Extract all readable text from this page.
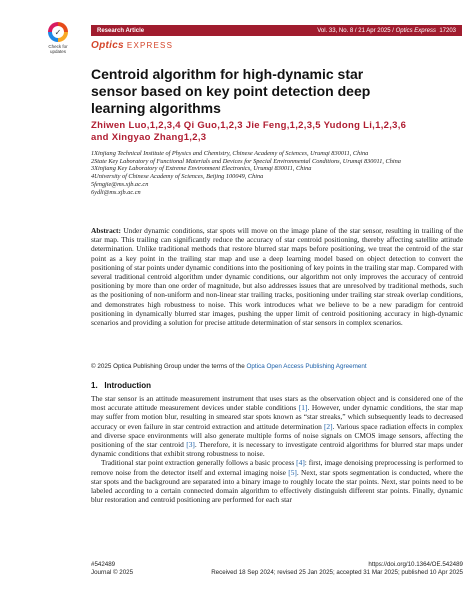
✓
Check for
updates
Research Article	Vol. 33, No. 8 / 21 Apr 2025 / Optics Express 17203
Optics EXPRESS
Centroid algorithm for high-dynamic star sensor based on key point detection deep learning algorithms
Zhiwen Luo,1,2,3,4 Qi Guo,1,2,3 Jie Feng,1,2,3,5 Yudong Li,1,2,3,6
and Xingyao Zhang1,2,3
1Xinjiang Technical Institute of Physics and Chemistry, Chinese Academy of Sciences, Urumqi 830011, China
2State Key Laboratory of Functional Materials and Devices for Special Environmental Conditions, Urumqi 830011, China
3Xinjiang Key Laboratory of Extreme Environment Electronics, Urumqi 830011, China
4University of Chinese Academy of Sciences, Beijing 100049, China
5fengjie@ms.xjb.ac.cn
6ydli@ms.xjb.ac.cn
Abstract: Under dynamic conditions, star spots will move on the image plane of the star sensor, resulting in trailing of the star map. This trailing can significantly reduce the accuracy of star centroid positioning, thereby affecting satellite attitude determination. Unlike traditional methods that restore blurred star maps before positioning, we treat the centroid of the star point as a key point in the trailing star map and use a deep learning model based on object detection to convert the positioning of star points under dynamic conditions into the positioning of key points in the trailing star map. Compared with several traditional centroid algorithm under dynamic conditions, our algorithm not only improves the accuracy of centroid positioning by more than one order of magnitude, but also addresses issues that are unresolved by traditional methods, such as the positioning of non-uniform and non-linear star trailing tracks, positioning under trailing star streak overlap conditions, and demonstrates high robustness to noise. This work introduces what we believe to be a new paradigm for centroid positioning in dynamically blurred star images, pushing the upper limit of centroid positioning accuracy in high-dynamic scenarios and providing a solution for precise attitude determination of star sensors in complex scenarios.
© 2025 Optica Publishing Group under the terms of the Optica Open Access Publishing Agreement
1. Introduction

The star sensor is an attitude measurement instrument that uses stars as the observation object and is considered one of the most accurate attitude measurement devices under stable conditions [1]. However, under dynamic conditions, the star map may suffer from motion blur, resulting in smeared star spots known as “star streaks,” which subsequently leads to decreased accuracy or even failure in star centroid extraction and attitude determination [2]. Various space radiation effects in complex and diverse space environments will also generate multiple forms of noise signals on CMOS image sensors, affecting the positioning of the star centroid [3]. Therefore, it is necessary to investigate centroid algorithms for blurred star maps under dynamic conditions that exhibit strong robustness to noise.

Traditional star point extraction generally follows a basic process [4]: first, image denoising preprocessing is performed to remove noise from the detector itself and external imaging noise [5]. Next, star spots segmentation is conducted, where the star spots and the background are separated into a binary image to roughly locate the star points. Next, star points need to be labeled according to a certain connected domain algorithm to effectively distinguish different star points. Finally, dynamic blur restoration and centroid positioning are performed for each star

#542489	https://doi.org/10.1364/OE.542489
Journal © 2025	Received 18 Sep 2024; revised 25 Jan 2025; accepted 31 Mar 2025; published 10 Apr 2025
